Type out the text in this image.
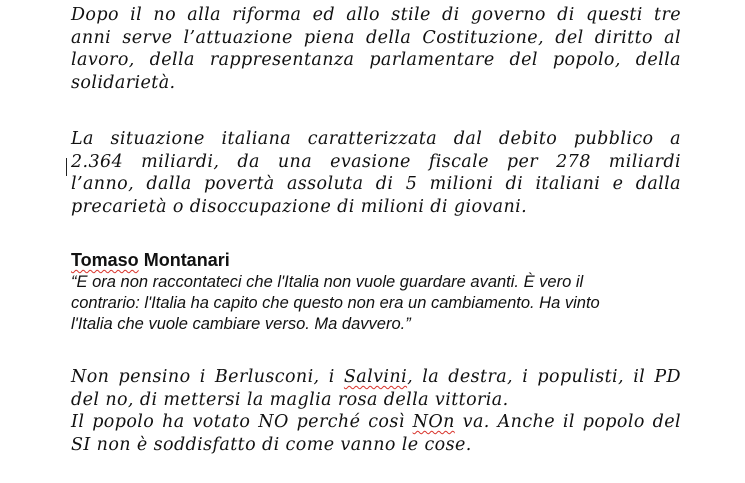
Dopo il no alla riforma ed allo stile di governo di questi tre
anni serve l’attuazione piena della Costituzione, del diritto al
lavoro, della rappresentanza parlamentare del popolo, della
solidarietà.

La situazione italiana caratterizzata dal debito pubblico a
2.364 miliardi, da una evasione fiscale per 278 miliardi
l’anno, dalla povertà assoluta di 5 milioni di italiani e dalla
precarietà o disoccupazione di milioni di giovani.

Tomaso Montanari

“E ora non raccontateci che l'Italia non vuole guardare avanti. È vero il
contrario: l'Italia ha capito che questo non era un cambiamento. Ha vinto
l'Italia che vuole cambiare verso. Ma davvero.”

Non pensino i Berlusconi, i Salvini, la destra, i populisti, il PD
del no, di mettersi la maglia rosa della vittoria.
Il popolo ha votato NO perché così NOn va. Anche il popolo del
SI non è soddisfatto di come vanno le cose.
